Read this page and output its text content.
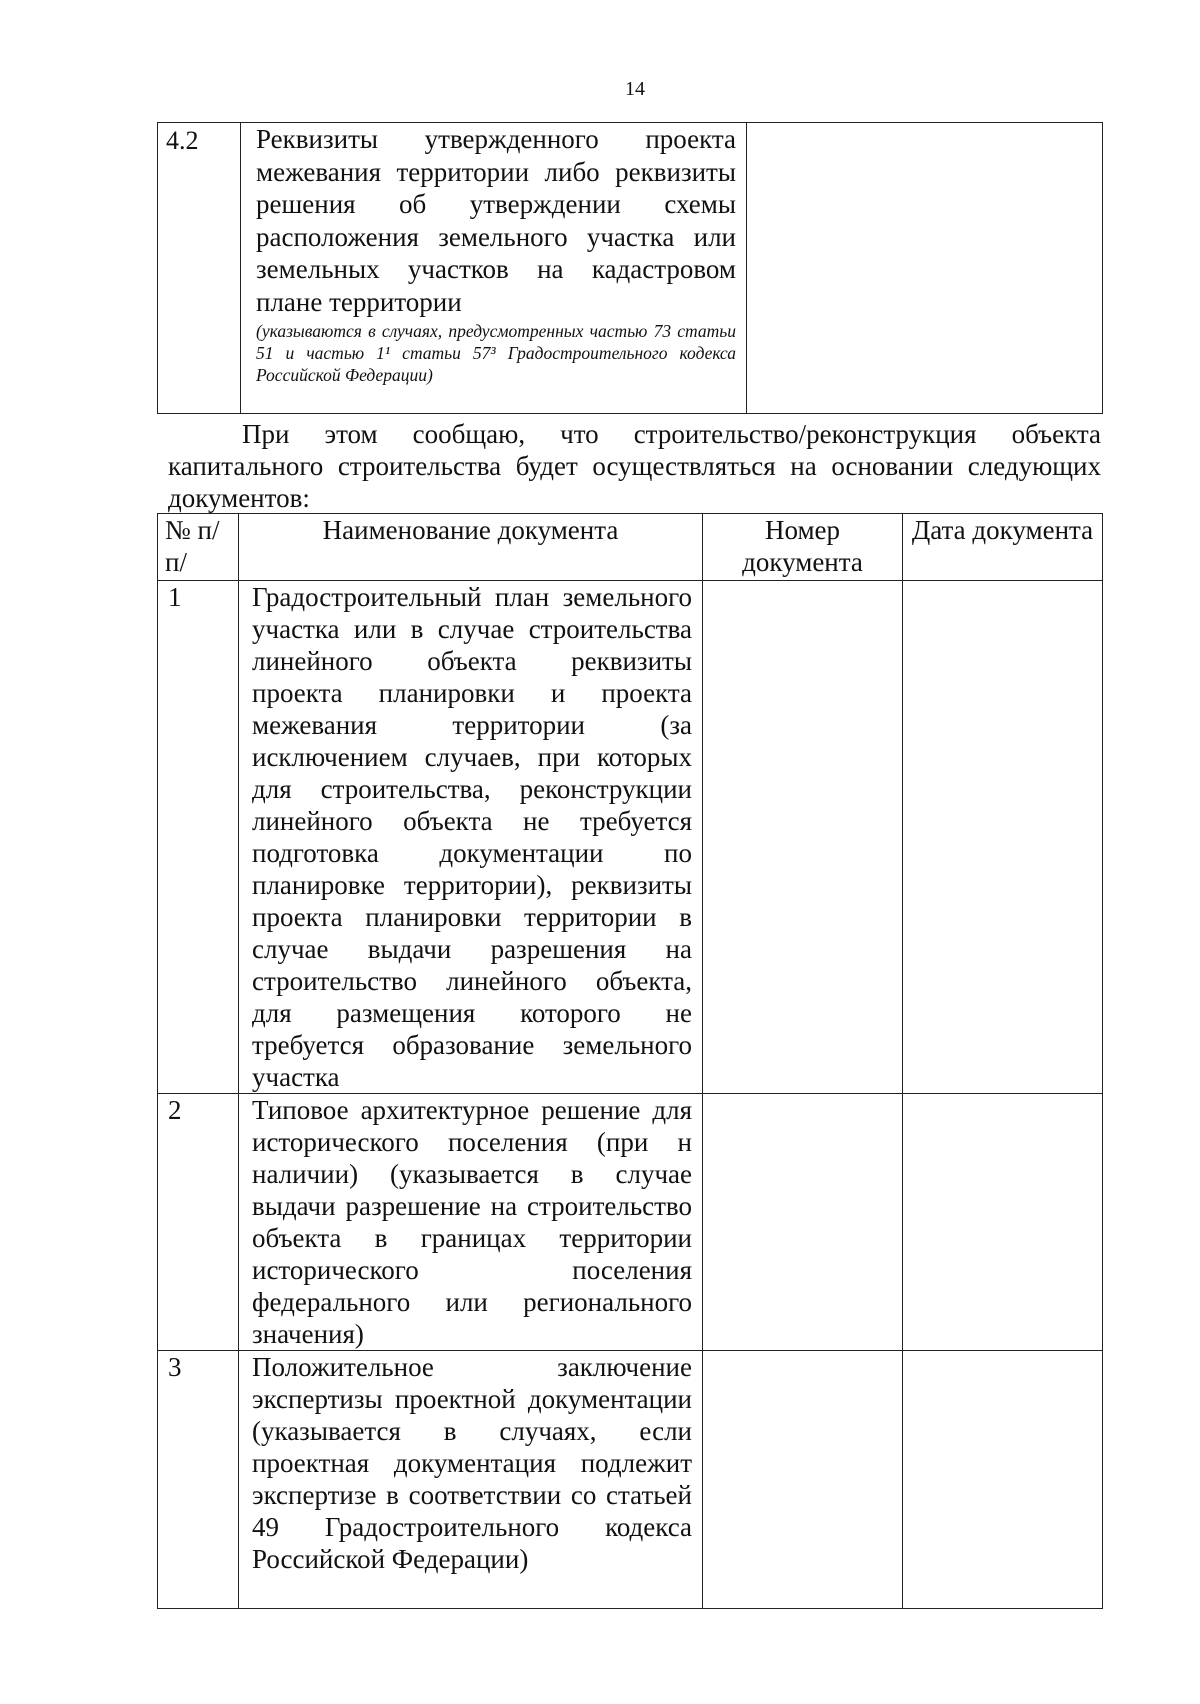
14
4.2	Реквизиты утвержденного проекта межевания территории либо реквизиты решения об утверждении схемы расположения земельного участка или земельных участков на кадастровом плане территории
(указываются в случаях, предусмотренных частью 73 статьи 51 и частью 1¹ статьи 57³ Градостроительного кодекса Российской Федерации)

При этом сообщаю, что строительство/реконструкция объекта капитального строительства будет осуществляться на основании следующих документов:
№ п/п/	Наименование документа	Номер документа	Дата документа
1	Градостроительный план земельного участка или в случае строительства линейного объекта реквизиты проекта планировки и проекта межевания территории (за исключением случаев, при которых для строительства, реконструкции линейного объекта не требуется подготовка документации по планировке территории), реквизиты проекта планировки территории в случае выдачи разрешения на строительство линейного объекта, для размещения которого не требуется образование земельного участка		
2	Типовое архитектурное решение для исторического поселения (при н наличии) (указывается в случае выдачи разрешение на строительство объекта в границах территории исторического поселения федерального или регионального значения)		
3	Положительное заключение экспертизы проектной документации (указывается в случаях, если проектная документация подлежит экспертизе в соответствии со статьей 49 Градостроительного кодекса Российской Федерации)		
